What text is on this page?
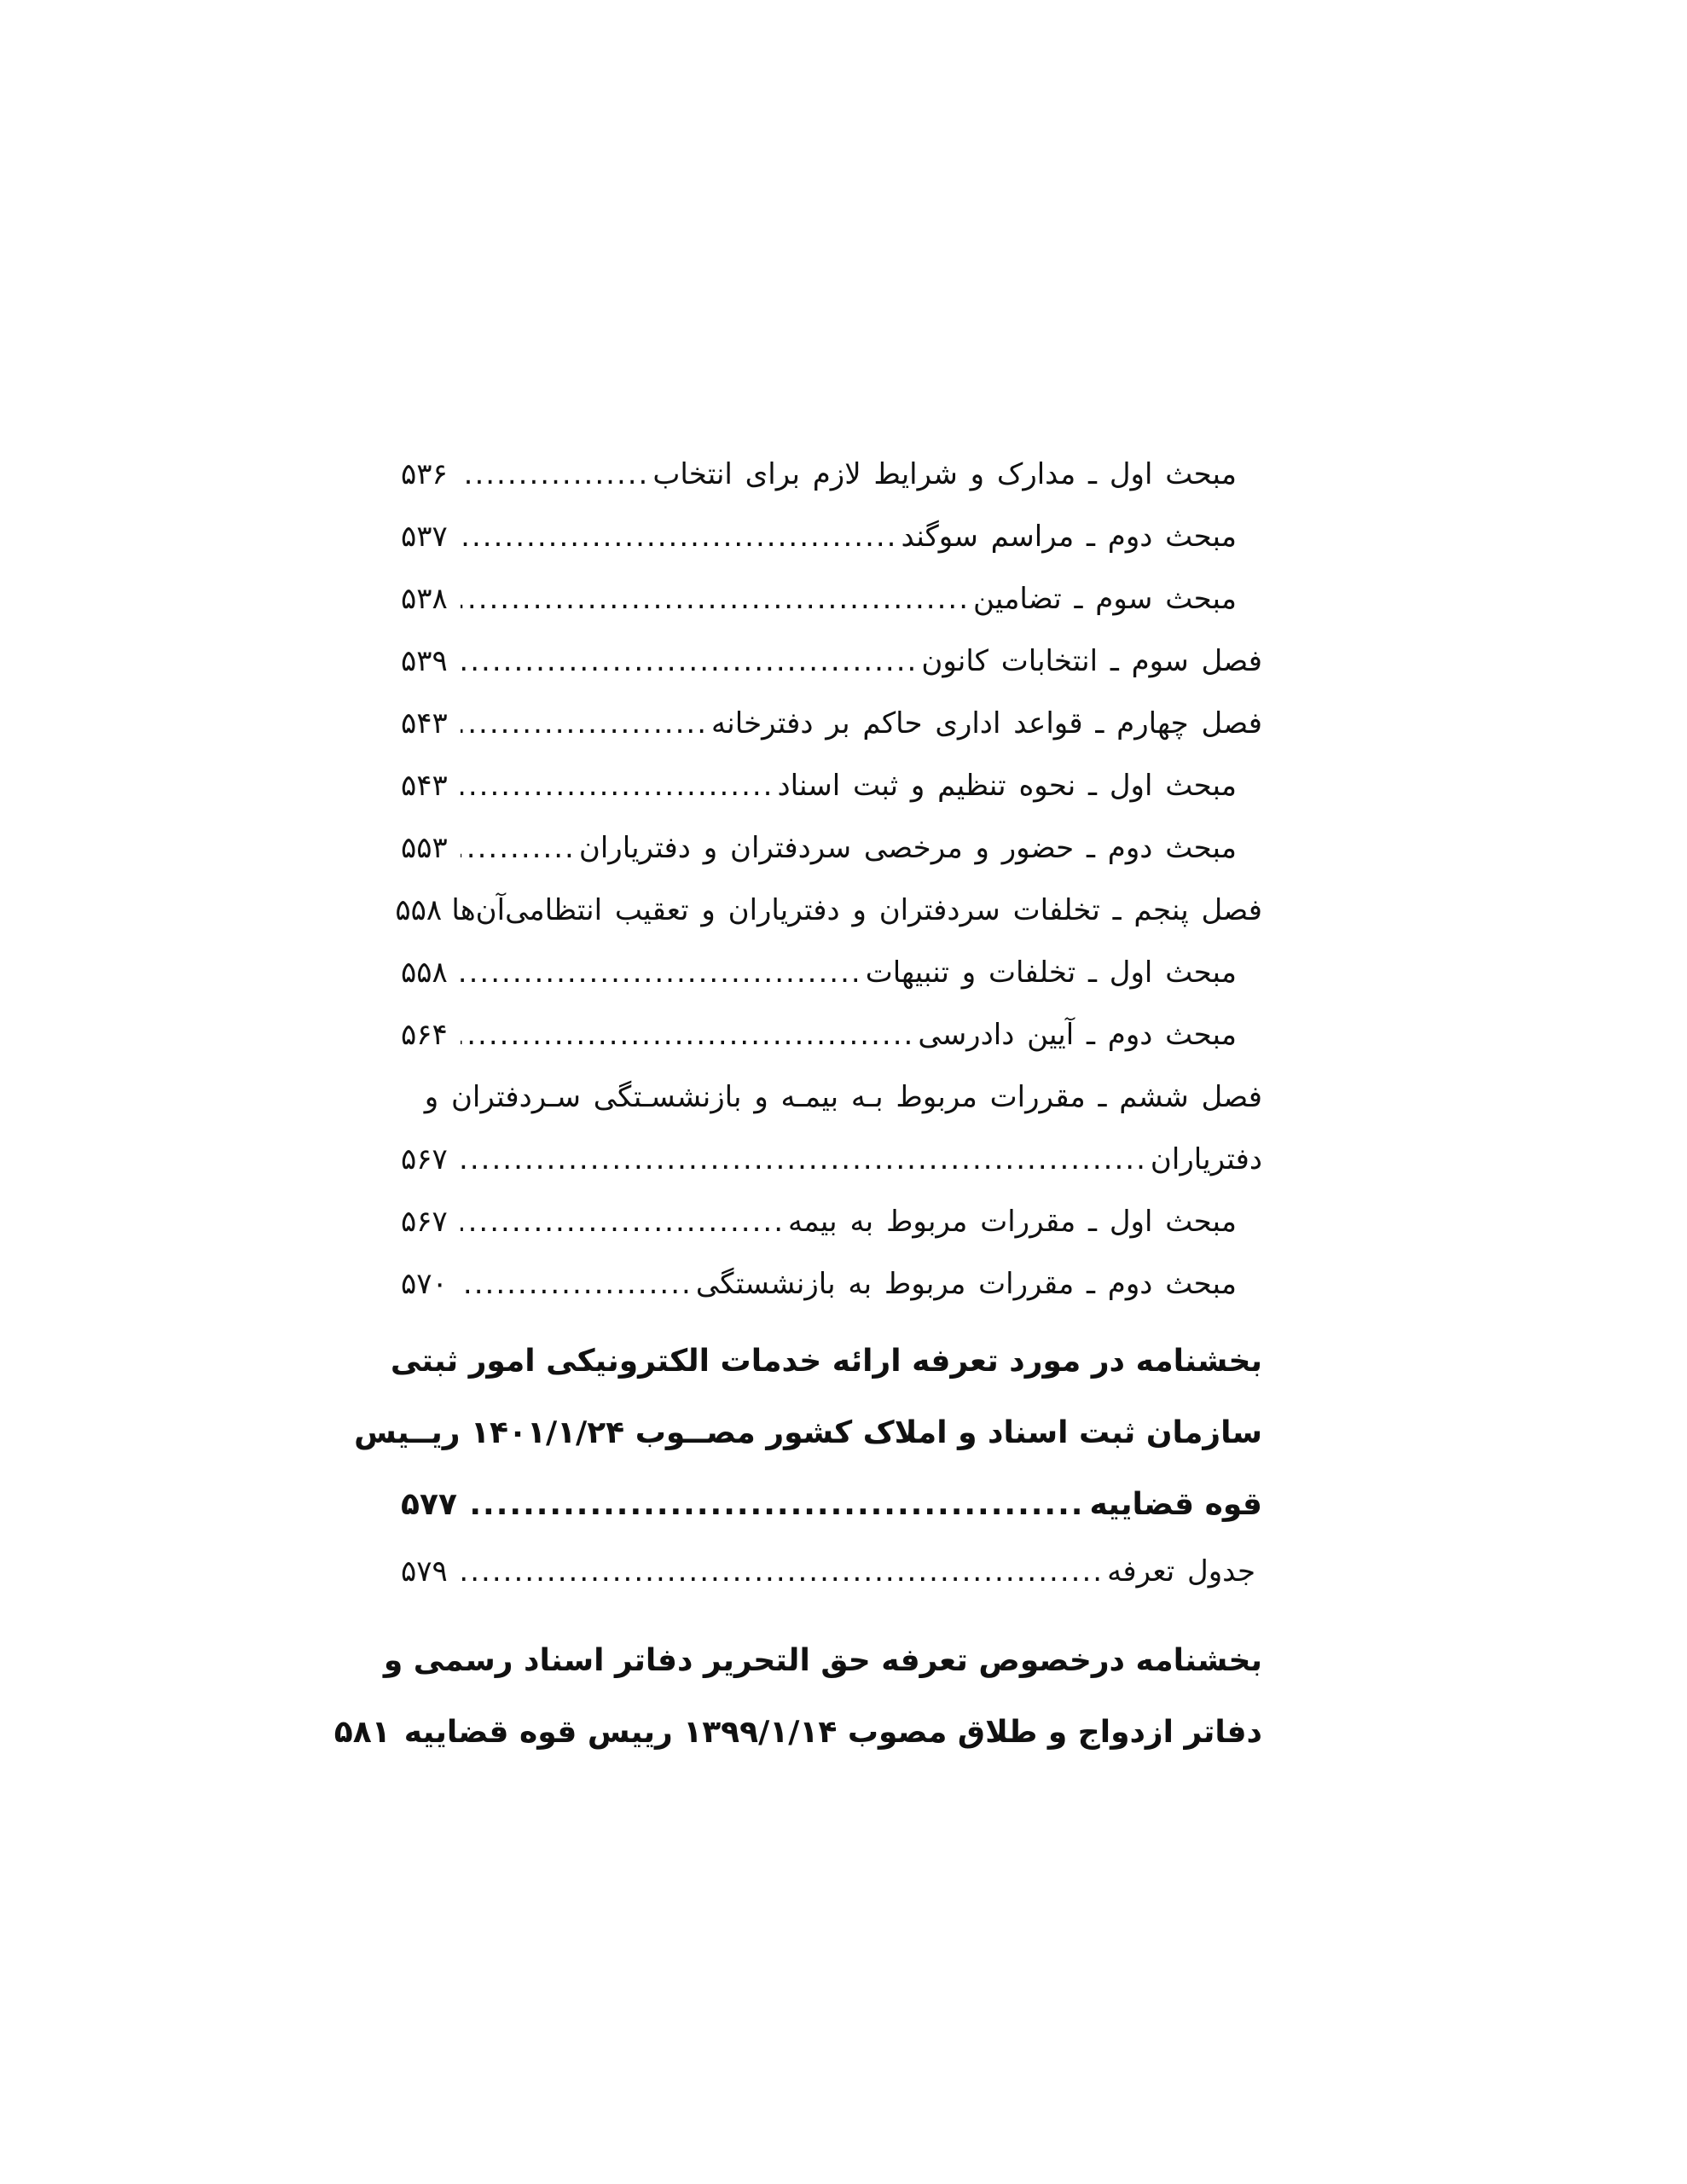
مبحث اول ـ مدارک و شرایط لازم برای انتخاب
.....
۵۳۶
مبحث دوم ـ مراسم سوگند
.....
۵۳۷
مبحث سوم ـ تضامین
.....
۵۳۸
فصل سوم ـ انتخابات کانون
.....
۵۳۹
فصل چهارم ـ قواعد اداری حاکم بر دفترخانه
.....
۵۴۳
مبحث اول ـ نحوه تنظیم و ثبت اسناد
.....
۵۴۳
مبحث دوم ـ حضور و مرخصی سردفتران و دفتریاران
.....
۵۵۳
فصل پنجم ـ تخلفات سردفتران و دفتریاران و تعقیب انتظامی‌آن‌ها
۵۵۸
مبحث اول ـ تخلفات و تنبیهات
.....
۵۵۸
مبحث دوم ـ آیین دادرسی
.....
۵۶۴
فصل ششم ـ مقررات مربوط بـه بیمـه و بازنشسـتگی سـردفتران و
دفتریاران
.....
۵۶۷
مبحث اول ـ مقررات مربوط به بیمه
.....
۵۶۷
مبحث دوم ـ مقررات مربوط به بازنشستگی
.....
۵۷۰
بخشنامه در مورد تعرفه ارائه خدمات الکترونیکی امور ثبتی
سازمان ثبت اسناد و املاک کشور مصــوب ۱۴۰۱/۱/۲۴ ریــیس
قوه قضاییه
.....
۵۷۷
جدول تعرفه
.....
۵۷۹
بخشنامه درخصوص تعرفه حق التحریر دفاتر اسناد رسمی و
دفاتر ازدواج و طلاق مصوب ۱۳۹۹/۱/۱۴ رییس قوه قضاییه
۵۸۱
